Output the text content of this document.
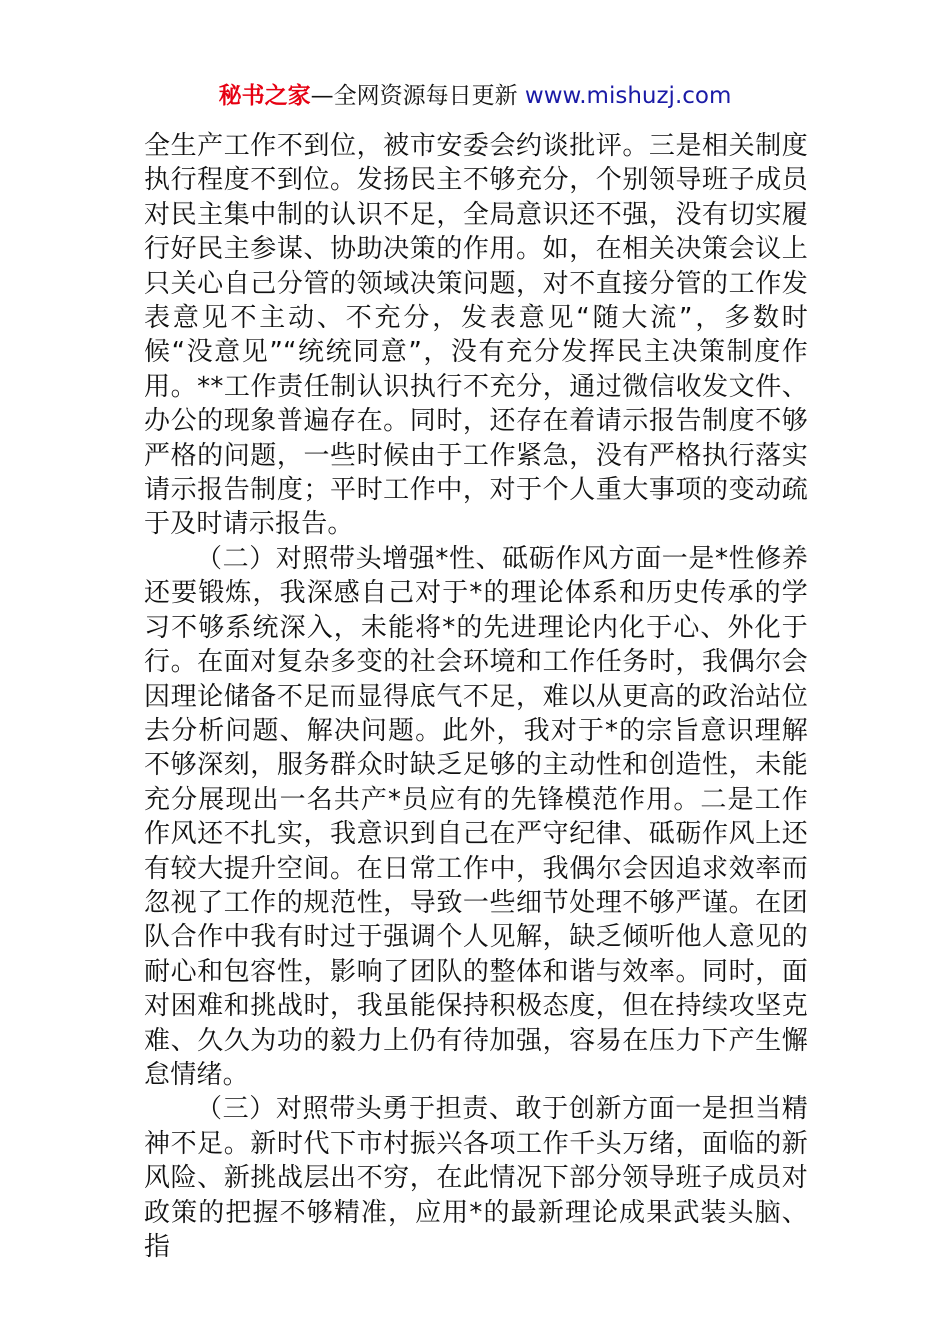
秘书之家—全网资源每日更新 www.mishuzj.com

全生产工作不到位，被市安委会约谈批评。三是相关制度执行程度不到位。发扬民主不够充分，个别领导班子成员对民主集中制的认识不足，全局意识还不强，没有切实履行好民主参谋、协助决策的作用。如，在相关决策会议上只关心自己分管的领域决策问题，对不直接分管的工作发表意见不主动、不充分，发表意见“随大流”，多数时候“没意见”“统统同意”，没有充分发挥民主决策制度作用。**工作责任制认识执行不充分，通过微信收发文件、办公的现象普遍存在。同时，还存在着请示报告制度不够严格的问题，一些时候由于工作紧急，没有严格执行落实请示报告制度；平时工作中，对于个人重大事项的变动疏于及时请示报告。

（二）对照带头增强*性、砥砺作风方面一是*性修养还要锻炼，我深感自己对于*的理论体系和历史传承的学习不够系统深入，未能将*的先进理论内化于心、外化于行。在面对复杂多变的社会环境和工作任务时，我偶尔会因理论储备不足而显得底气不足，难以从更高的政治站位去分析问题、解决问题。此外，我对于*的宗旨意识理解不够深刻，服务群众时缺乏足够的主动性和创造性，未能充分展现出一名共产*员应有的先锋模范作用。二是工作作风还不扎实，我意识到自己在严守纪律、砥砺作风上还有较大提升空间。在日常工作中，我偶尔会因追求效率而忽视了工作的规范性，导致一些细节处理不够严谨。在团队合作中我有时过于强调个人见解，缺乏倾听他人意见的耐心和包容性，影响了团队的整体和谐与效率。同时，面对困难和挑战时，我虽能保持积极态度，但在持续攻坚克难、久久为功的毅力上仍有待加强，容易在压力下产生懈怠情绪。

（三）对照带头勇于担责、敢于创新方面一是担当精神不足。新时代下市村振兴各项工作千头万绪，面临的新风险、新挑战层出不穷，在此情况下部分领导班子成员对政策的把握不够精准，应用*的最新理论成果武装头脑、指
